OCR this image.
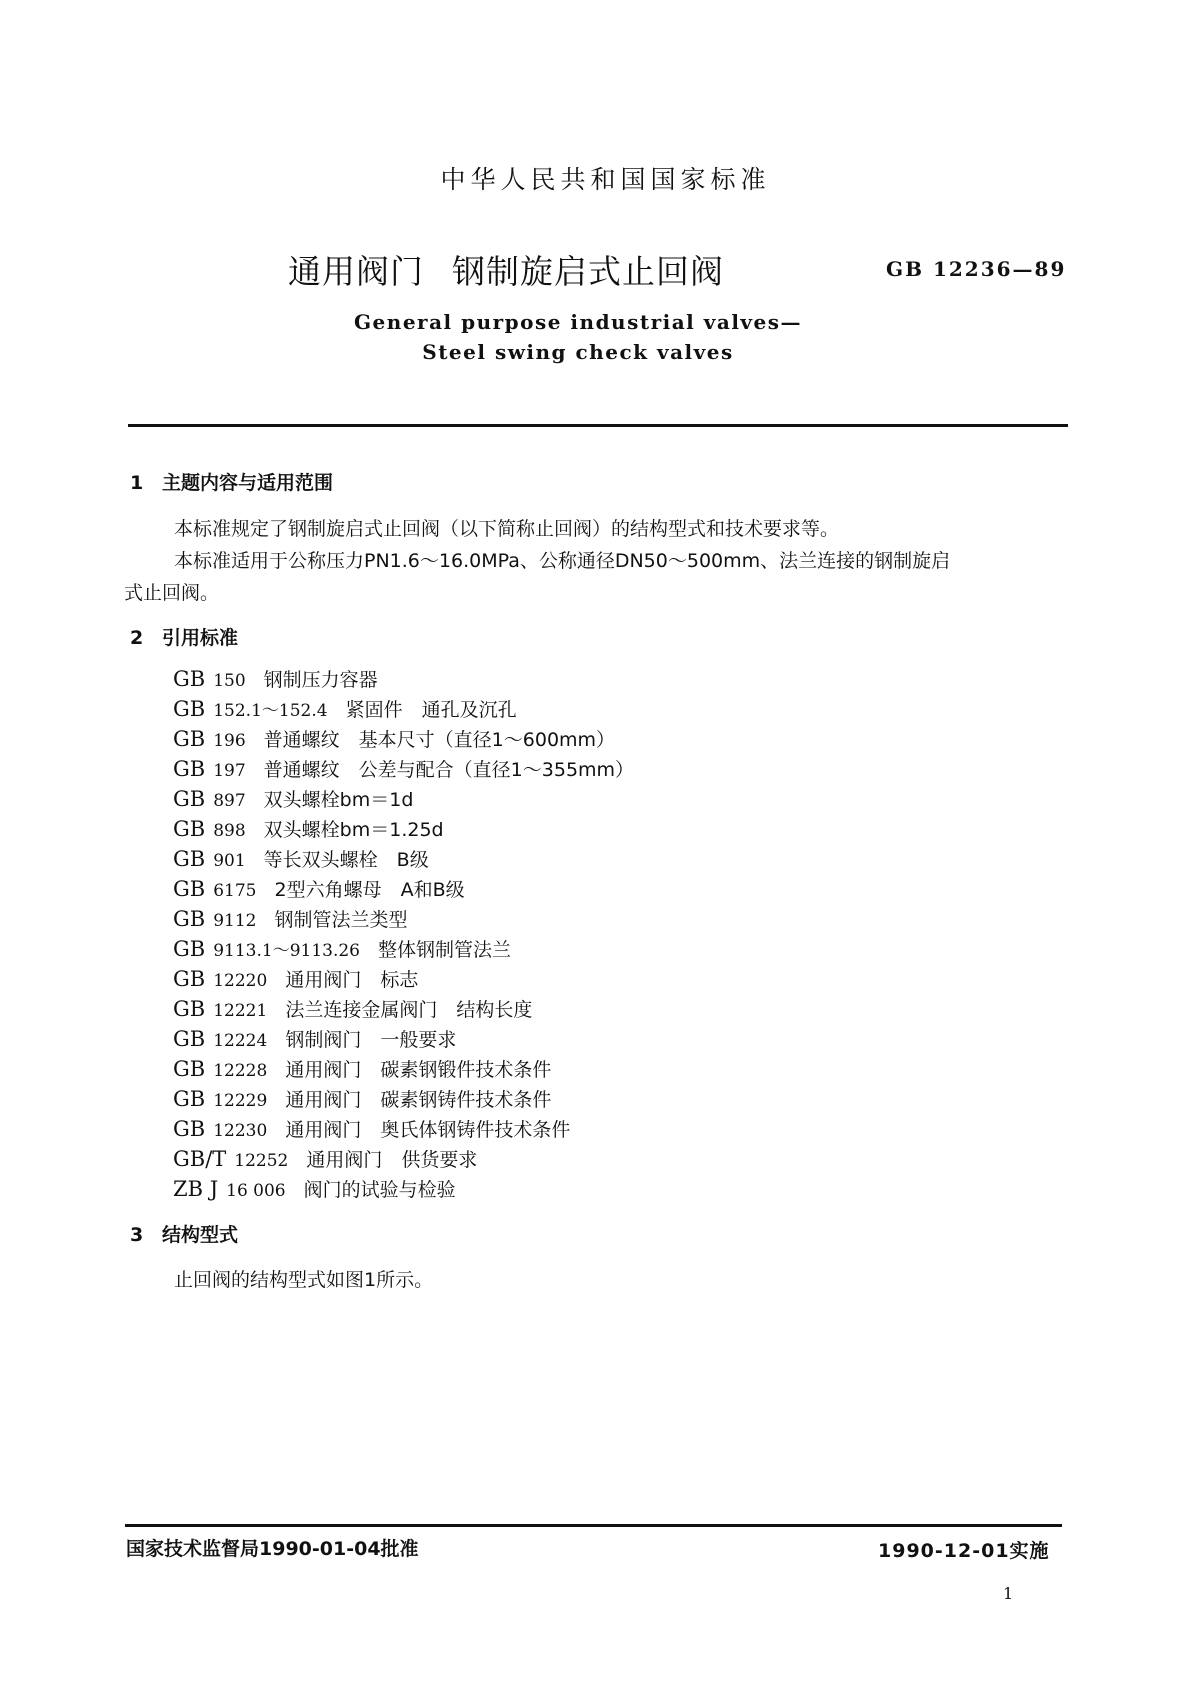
中华人民共和国国家标准
通用阀门 钢制旋启式止回阀	GB 12236—89
General purpose industrial valves—
Steel swing check valves
1 主题内容与适用范围
本标准规定了钢制旋启式止回阀（以下简称止回阀）的结构型式和技术要求等。
本标准适用于公称压力PN1.6～16.0MPa、公称通径DN50～500mm、法兰连接的钢制旋启
式止回阀。
2 引用标准
GB 150 钢制压力容器
GB 152.1～152.4 紧固件　通孔及沉孔
GB 196 普通螺纹　基本尺寸（直径1～600mm）
GB 197 普通螺纹　公差与配合（直径1～355mm）
GB 897 双头螺栓bm＝1d
GB 898 双头螺栓bm＝1.25d
GB 901 等长双头螺栓　B级
GB 6175 2型六角螺母　A和B级
GB 9112 钢制管法兰类型
GB 9113.1～9113.26 整体钢制管法兰
GB 12220 通用阀门　标志
GB 12221 法兰连接金属阀门　结构长度
GB 12224 钢制阀门　一般要求
GB 12228 通用阀门　碳素钢锻件技术条件
GB 12229 通用阀门　碳素钢铸件技术条件
GB 12230 通用阀门　奥氏体钢铸件技术条件
GB/T 12252 通用阀门　供货要求
ZB J 16 006 阀门的试验与检验
3 结构型式
止回阀的结构型式如图1所示。
国家技术监督局1990-01-04批准	1990-12-01实施
1
